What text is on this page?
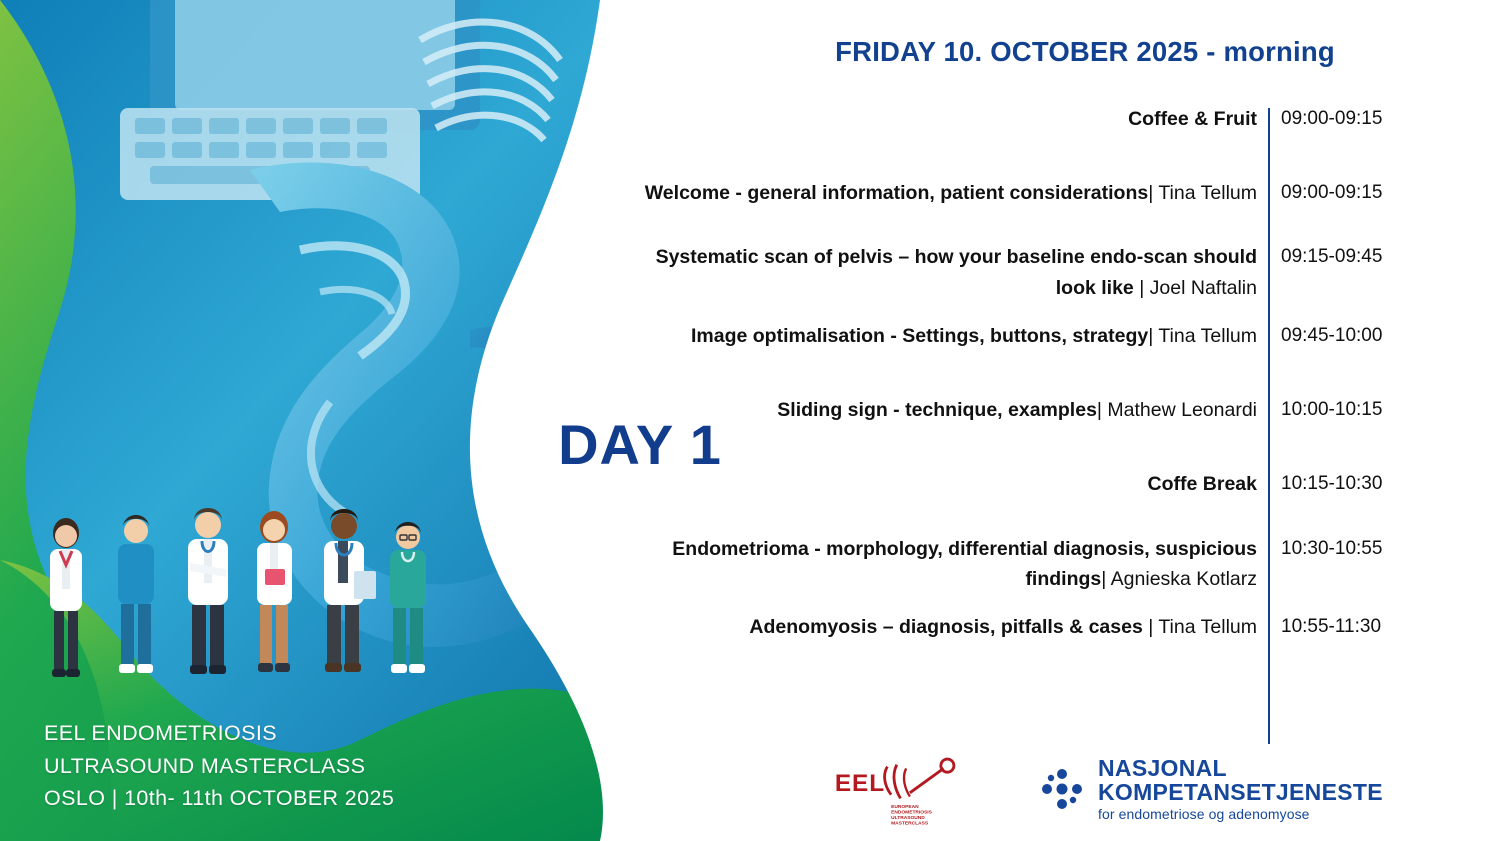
EEL ENDOMETRIOSIS
ULTRASOUND MASTERCLASS
OSLO | 10th- 11th OCTOBER 2025
DAY 1
FRIDAY 10. OCTOBER 2025 - morning
Coffee & Fruit	09:00-09:15
Welcome - general information, patient considerations| Tina Tellum	09:00-09:15
Systematic scan of pelvis – how your baseline endo-scan should look like | Joel Naftalin
09:15-09:45
Image optimalisation - Settings, buttons, strategy| Tina Tellum	09:45-10:00
Sliding sign - technique, examples| Mathew Leonardi	10:00-10:15
Coffe Break	10:15-10:30
Endometrioma - morphology, differential diagnosis, suspicious findings| Agnieska Kotlarz
10:30-10:55
Adenomyosis – diagnosis, pitfalls & cases | Tina Tellum	10:55-11:30
EEL
EUROPEAN
ENDOMETRIOSIS
ULTRASOUND
MASTERCLASS
NASJONAL KOMPETANSETJENESTE
for endometriose og adenomyose
